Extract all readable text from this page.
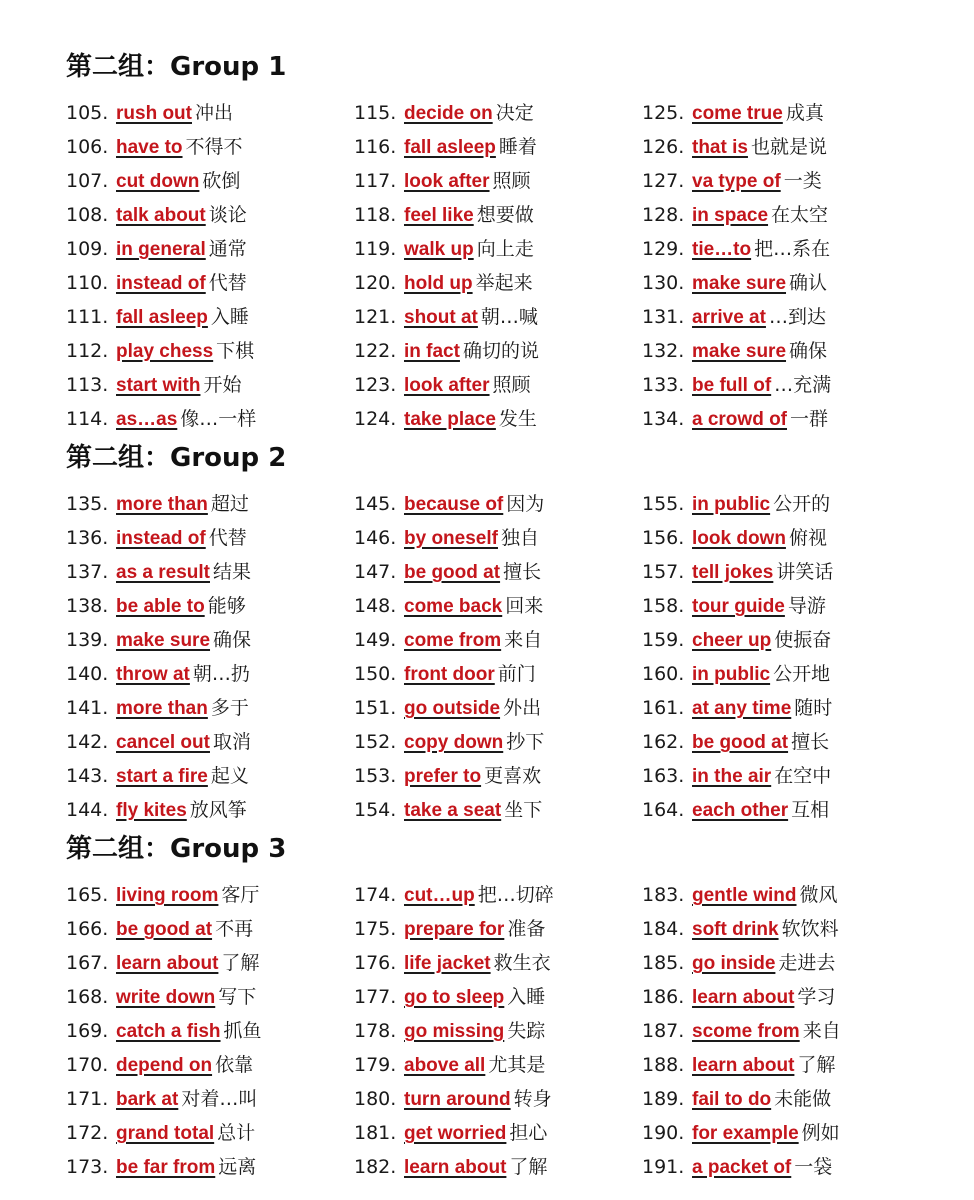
第二组：Group 1
105. rush out 冲出
106. have to 不得不
107. cut down 砍倒
108. talk about 谈论
109. in general 通常
110. instead of 代替
111. fall asleep 入睡
112. play chess 下棋
113. start with 开始
114. as…as 像…一样
115. decide on 决定
116. fall asleep 睡着
117. look after 照顾
118. feel like 想要做
119. walk up 向上走
120. hold up 举起来
121. shout at 朝…喊
122. in fact 确切的说
123. look after 照顾
124. take place 发生
125. come true 成真
126. that is 也就是说
127. va type of 一类
128. in space 在太空
129. tie…to 把…系在
130. make sure 确认
131. arrive at …到达
132. make sure 确保
133. be full of …充满
134. a crowd of 一群
第二组：Group 2
135. more than 超过
136. instead of 代替
137. as a result 结果
138. be able to 能够
139. make sure 确保
140. throw at 朝…扔
141. more than 多于
142. cancel out 取消
143. start a fire 起义
144. fly kites 放风筝
145. because of 因为
146. by oneself 独自
147. be good at 擅长
148. come back 回来
149. come from 来自
150. front door 前门
151. go outside 外出
152. copy down 抄下
153. prefer to 更喜欢
154. take a seat 坐下
155. in public 公开的
156. look down 俯视
157. tell jokes 讲笑话
158. tour guide 导游
159. cheer up 使振奋
160. in public 公开地
161. at any time 随时
162. be good at 擅长
163. in the air 在空中
164. each other 互相
第二组：Group 3
165. living room 客厅
166. be good at 不再
167. learn about 了解
168. write down 写下
169. catch a fish 抓鱼
170. depend on 依靠
171. bark at 对着…叫
172. grand total 总计
173. be far from 远离
174. cut…up 把…切碎
175. prepare for 准备
176. life jacket 救生衣
177. go to sleep 入睡
178. go missing 失踪
179. above all 尤其是
180. turn around 转身
181. get worried 担心
182. learn about 了解
183. gentle wind 微风
184. soft drink 软饮料
185. go inside 走进去
186. learn about 学习
187. scome from 来自
188. learn about 了解
189. fail to do 未能做
190. for example 例如
191. a packet of 一袋
